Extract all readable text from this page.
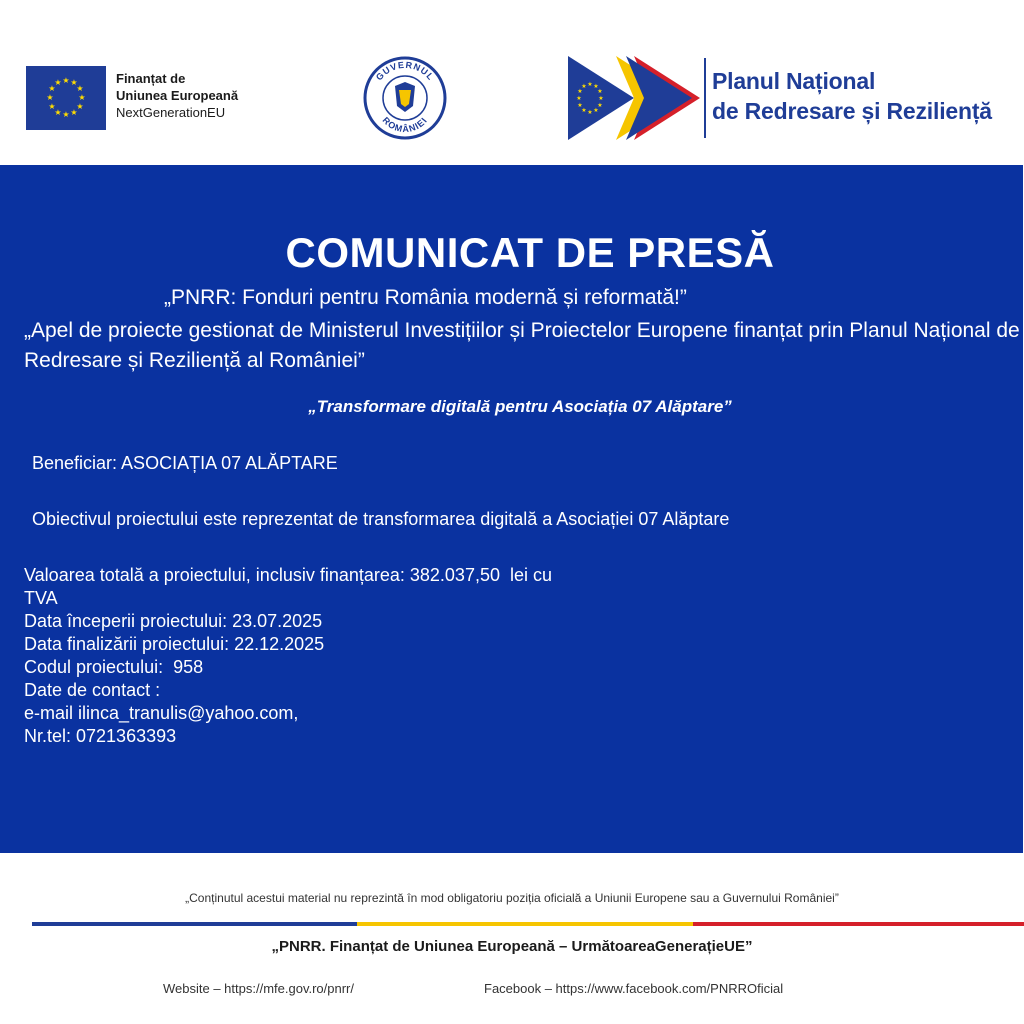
★ ★
★
★
★
★
★
★
★
★
★
★	Finanțat de
Uniunea Europeană
NextGenerationEU
GUVERNUL
ROMÂNIEI
★ ★
★
★
★
★
★
★
★
★
★
★	Planul Național
de Redresare și Reziliență
COMUNICAT DE PRESĂ
„PNRR: Fonduri pentru România modernă și reformată!”
„Apel de proiecte gestionat de Ministerul Investițiilor și Proiectelor Europene finanțat prin Planul Național de Redresare și Reziliență al României”
„Transformare digitală pentru Asociația 07 Alăptare”
Beneficiar: ASOCIAȚIA 07 ALĂPTARE
Obiectivul proiectului este reprezentat de transformarea digitală a Asociației 07 Alăptare
Valoarea totală a proiectului, inclusiv finanțarea: 382.037,50  lei cu
TVA
Data începerii proiectului: 23.07.2025
Data finalizării proiectului: 22.12.2025
Codul proiectului:  958
Date de contact :
e-mail ilinca_tranulis@yahoo.com,
Nr.tel: 0721363393
„Conținutul acestui material nu reprezintă în mod obligatoriu poziția oficială a Uniunii Europene sau a Guvernului României”
„PNRR. Finanțat de Uniunea Europeană – UrmătoareaGenerațieUE”
Website – https://mfe.gov.ro/pnrr/	Facebook – https://www.facebook.com/PNRROficial
